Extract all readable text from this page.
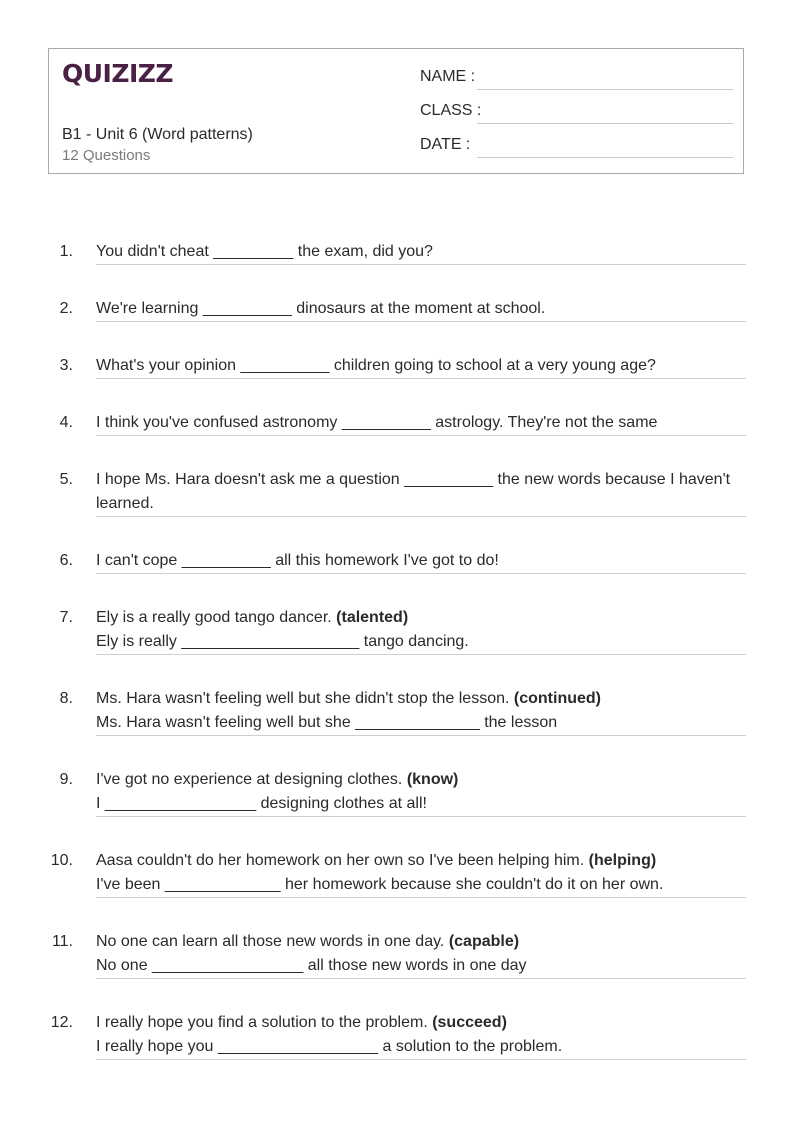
QUIZIZZ
B1 - Unit 6 (Word patterns)
12 Questions
NAME :
CLASS :
DATE :
1. You didn't cheat _________ the exam, did you?
2. We're learning __________ dinosaurs at the moment at school.
3. What's your opinion __________ children going to school at a very young age?
4. I think you've confused astronomy __________ astrology. They're not the same
5. I hope Ms. Hara doesn't ask me a question __________ the new words because I haven't learned.
6. I can't cope __________ all this homework I've got to do!
7. Ely is a really good tango dancer. (talented)
Ely is really ____________________ tango dancing.
8. Ms. Hara wasn't feeling well but she didn't stop the lesson. (continued)
Ms. Hara wasn't feeling well but she ______________ the lesson
9. I've got no experience at designing clothes. (know)
I _________________ designing clothes at all!
10. Aasa couldn't do her homework on her own so I've been helping him. (helping)
I've been _____________ her homework because she couldn't do it on her own.
11. No one can learn all those new words in one day. (capable)
No one _________________ all those new words in one day
12. I really hope you find a solution to the problem. (succeed)
I really hope you __________________ a solution to the problem.
